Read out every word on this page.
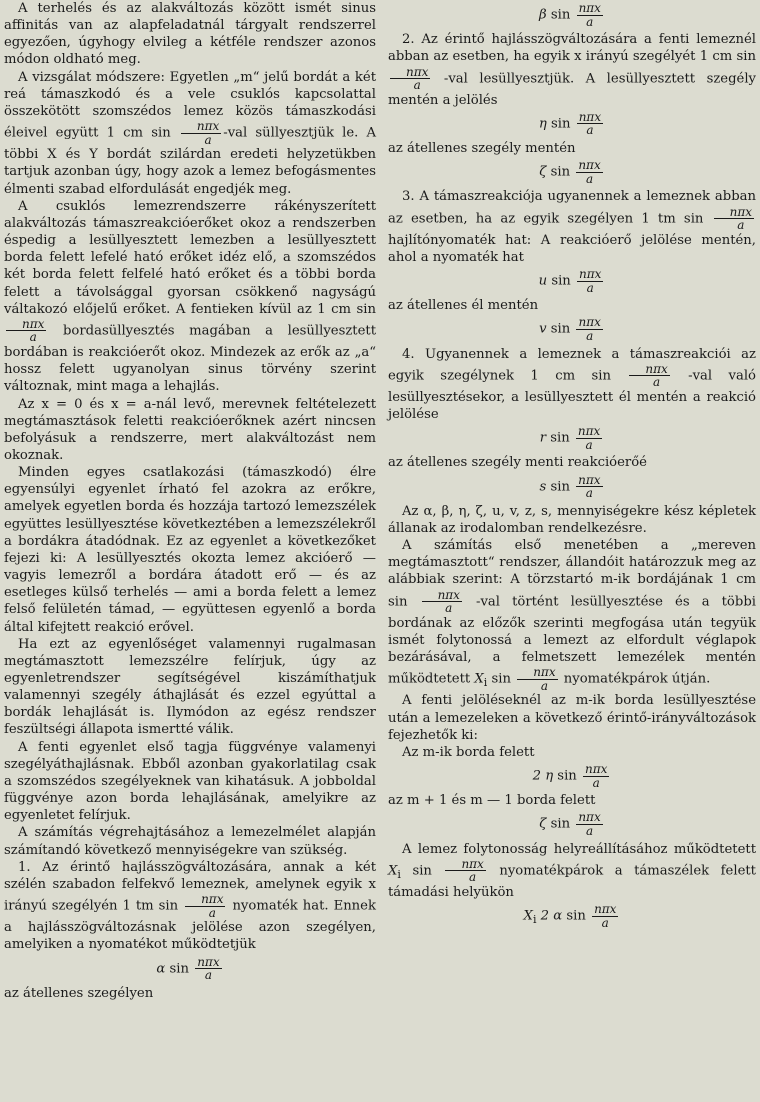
A terhelés és az alakváltozás között ismét sinus affinitás van az alapfeladatnál tárgyalt rendszerrel egyezően, úgyhogy elvileg a kétféle rendszer azonos módon oldható meg.

A vizsgálat módszere: Egyetlen „m“ jelű bordát a két reá támaszkodó és a vele csuklós kapcsolattal összekötött szomszédos lemez közös támaszkodási éleivel együtt 1 cm $\sin \frac{\text{nπx}}{a} -val$ süllyesztjük le. A többi X és Y bordát szilárdan eredeti helyzetükben tartjuk azonban úgy, hogy azok a lemez befogásmentes élmenti szabad elfordulását engedjék meg.

A csuklós lemezrendszerre rákényszerített alakváltozás támaszreakcióerőket okoz a rendszerben éspedig a lesüllyesztett lemezben a lesüllyesztett borda felett lefelé ható erőket idéz elő, a szomszédos két borda felett felfelé ható erőket és a többi borda felett a távolsággal gyorsan csökkenő nagyságú váltakozó előjelű erőket. A fentieken kívül az 1 cm sin
$\frac{\text{nπx}}{a}$ bordasüllyesztés magában a lesüllyesztett bordában is reakcióerőt okoz. Mindezek az erők az „a“ hossz felett ugyanolyan sinus törvény szerint változnak, mint maga a lehajlás.

Az x = 0 és x = a-nál levő, merevnek feltételezett megtámasztások feletti reakcióerőknek azért nincsen befolyásuk a rendszerre, mert alakváltozást nem okoznak.

Minden egyes csatlakozási (támaszkodó) élre egyensúlyi egyenlet írható fel azokra az erőkre, amelyek egyetlen borda és hozzája tartozó lemezszélek együttes lesüllyesztése következtében a lemezszélekről a bordákra átadódnak. Ez az egyenlet a következőket fejezi ki: A lesüllyesztés okozta lemez akcióerő — vagyis lemezről a bordára átadott erő — és az esetleges külső terhelés — ami a borda felett a lemez felső felületén támad, — együttesen egyenlő a borda által kifejtett reakció erővel.

Ha ezt az egyenlőséget valamennyi rugalmasan megtámasztott lemezszélre felírjuk, úgy az egyenletrendszer segítségével kiszámíthatjuk valamennyi szegély áthajlását és ezzel egyúttal a bordák lehajlását is. Ilymódon az egész rendszer feszültségi állapota ismertté válik.

A fenti egyenlet első tagja függvénye valamenyi szegélyáthajlásnak. Ebből azonban gyakorlatilag csak a szomszédos szegélyeknek van kihatásuk. A jobboldal függvénye azon borda lehajlásának, amelyikre az egyenletet felírjuk.

A számítás végrehajtásához a lemezelmélet alapján számítandó következő mennyiségekre van szükség.

1. Az érintő hajlásszögváltozására, annak a két szélén szabadon felfekvő lemeznek, amelynek egyik x irányú szegélyén 1 tm $\sin \frac{\text{nπx}}{a}$ nyomaték hat. Ennek a hajlásszögváltozásnak jelölése azon szegélyen, amelyiken a nyomatékot működtetjük

α $\sin \frac{\text{nπx}}{a}$

az átellenes szegélyen

β $\sin \frac{\text{nπx}}{a}$

2. Az érintő hajlásszögváltozására a fenti lemeznél abban az esetben, ha egyik x irányú szegélyét 1 cm sin
$\frac{\text{nπx}}{a} -val$ lesüllyesztjük. A lesüllyesztett szegély mentén a jelölés

η $\sin \frac{\text{nπx}}{a}$

az átellenes szegély mentén

ζ $\sin \frac{\text{nπx}}{a}$

3. A támaszreakciója ugyanennek a lemeznek abban az esetben, ha az egyik szegélyen 1 tm $\sin \frac{\text{nπx}}{a}$
hajlítónyomaték hat: A reakcióerő jelölése mentén, ahol a nyomaték hat

u $\sin \frac{\text{nπx}}{a}$

az átellenes él mentén

v $\sin \frac{\text{nπx}}{a}$

4. Ugyanennek a lemeznek a támaszreakciói az egyik szegélynek 1 cm $\sin \frac{\text{nπx}}{a} -val$ való lesüllyesztésekor, a lesüllyesztett él mentén a reakció jelölése

r $\sin \frac{\text{nπx}}{a}$

az átellenes szegély menti reakcióerőé

s $\sin \frac{\text{nπx}}{a}$

Az α, β, η, ζ, u, v, z, s, mennyiségekre kész képletek állanak az irodalomban rendelkezésre.

A számítás első menetében a „mereven megtámasztott“ rendszer, állandóit határozzuk meg az alábbiak szerint: A törzstartó m-ik bordájának 1 cm $\sin \frac{\text{nπx}}{a} -val$ történt lesüllyesztése és a többi bordának az előzők szerinti megfogása után tegyük ismét folytonossá a lemezt az elfordult véglapok bezárásával, a felmetszett lemezélek mentén működtetett $X_i$ $\sin \frac{\text{nπx}}{a}$ nyomatékpárok útján.

A fenti jelöléseknél az m-ik borda lesüllyesztése után a lemezeleken a következő érintő-irányváltozások fejezhetők ki:

Az m-ik borda felett

2 η $\sin \frac{\text{nπx}}{a}$

az m + 1 és m — 1 borda felett

ζ $\sin \frac{\text{nπx}}{a}$

A lemez folytonosság helyreállításához működtetett $X_i$ $\sin \frac{\text{nπx}}{a}$ nyomatékpárok a támaszélek felett támadási helyükön

$X_i$ 2 α $\sin \frac{\text{nπx}}{a}$
